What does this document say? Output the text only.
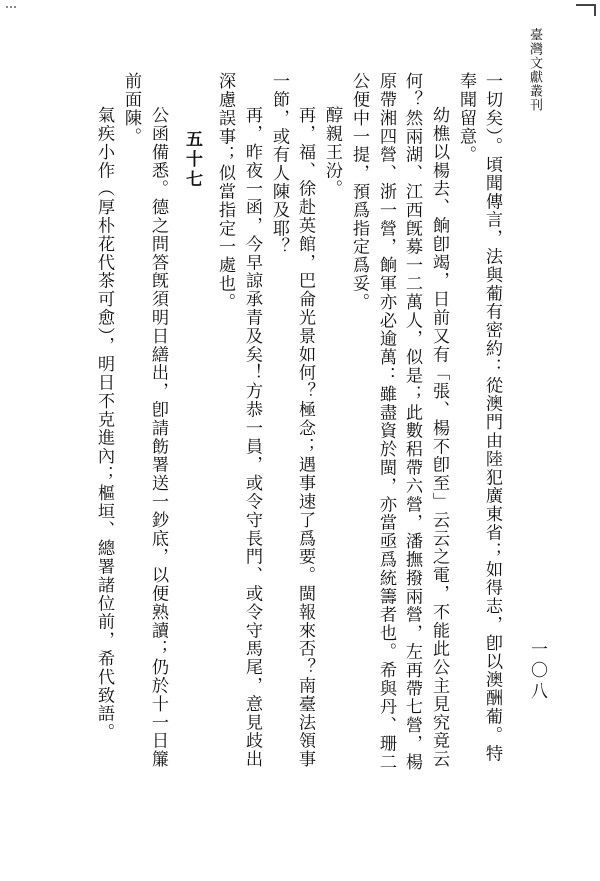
臺灣文獻叢刊
一〇八
一切矣）。頃聞傳言，法與葡有密約：從澳門由陸犯廣東省；如得志，卽以澳酬葡。特
奉聞留意。
幼樵以楊去、餉卽竭，日前又有「張、楊不卽至」云云之電，不能此公主見究竟云
何？然兩湖、江西旣募一二萬人，似是；此數稆帶六營，潘撫撥兩營，左再帶七營，楊
原帶湘四營、浙一營，餉軍亦必逾萬：雖盡資於閩，亦當亟爲統籌者也。希與丹、珊二
公便中一提，預爲指定爲妥。
醇親王汾。
再，福、徐赴英館，巴侖光景如何？極念；遇事速了爲要。閩報來否？南臺法領事
一節，或有人陳及耶？
再，昨夜一函，今早諒承青及矣！方恭一員，或令守長門、或令守馬尾，意見歧出
深慮誤事；似當指定一處也。
五十七
公函備悉。德之問答旣須明日繕出，卽請飭署送一鈔底，以便熟讀；仍於十一日簾
前面陳。
氣疾小作（厚朴花代茶可愈），明日不克進內；樞垣、總署諸位前，希代致語。
